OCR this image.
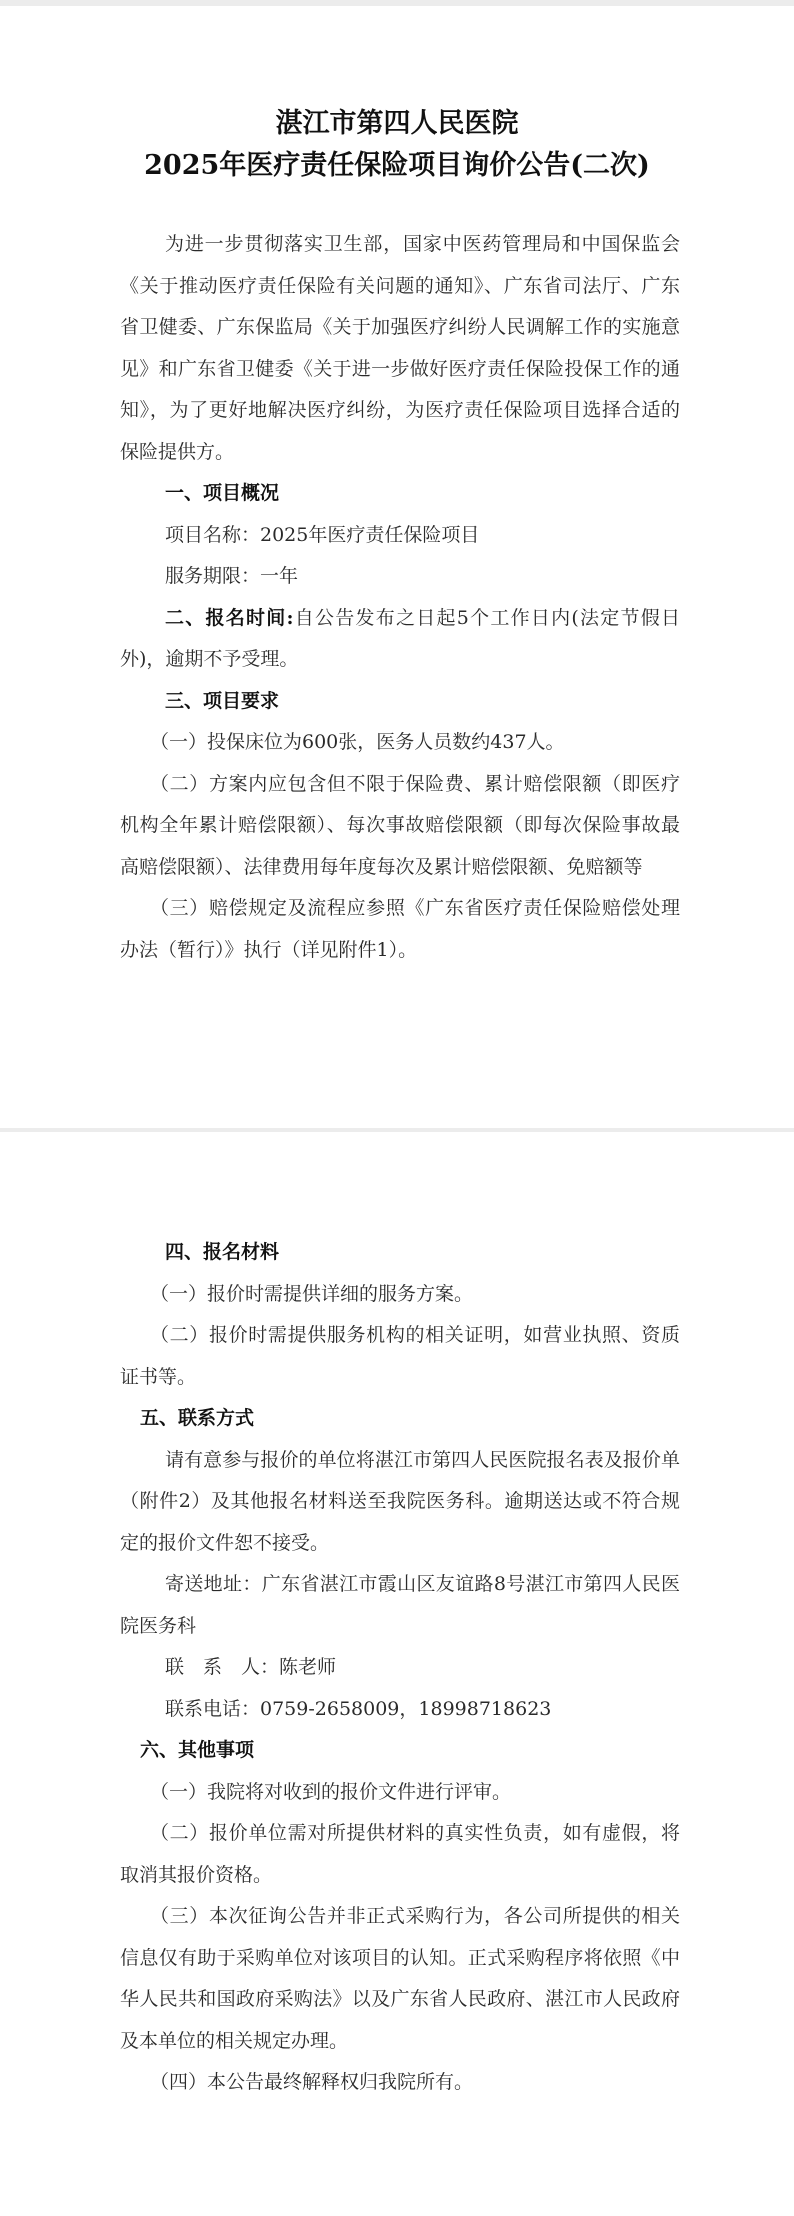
湛江市第四人民医院
2025年医疗责任保险项目询价公告(二次)

为进一步贯彻落实卫生部，国家中医药管理局和中国保监会《关于推动医疗责任保险有关问题的通知》、广东省司法厅、广东省卫健委、广东保监局《关于加强医疗纠纷人民调解工作的实施意见》和广东省卫健委《关于进一步做好医疗责任保险投保工作的通知》，为了更好地解决医疗纠纷，为医疗责任保险项目选择合适的保险提供方。

一、项目概况

项目名称：2025年医疗责任保险项目

服务期限：一年

二、报名时间:自公告发布之日起5个工作日内(法定节假日外)，逾期不予受理。

三、项目要求

（一）投保床位为600张，医务人员数约437人。

（二）方案内应包含但不限于保险费、累计赔偿限额（即医疗机构全年累计赔偿限额）、每次事故赔偿限额（即每次保险事故最高赔偿限额）、法律费用每年度每次及累计赔偿限额、免赔额等

（三）赔偿规定及流程应参照《广东省医疗责任保险赔偿处理办法（暂行）》执行（详见附件1）。

四、报名材料

（一）报价时需提供详细的服务方案。

（二）报价时需提供服务机构的相关证明，如营业执照、资质证书等。

五、联系方式

请有意参与报价的单位将湛江市第四人民医院报名表及报价单（附件2）及其他报名材料送至我院医务科。逾期送达或不符合规定的报价文件恕不接受。

寄送地址：广东省湛江市霞山区友谊路8号湛江市第四人民医院医务科

联　系　人：陈老师

联系电话：0759-2658009，18998718623

六、其他事项

（一）我院将对收到的报价文件进行评审。

（二）报价单位需对所提供材料的真实性负责，如有虚假，将取消其报价资格。

（三）本次征询公告并非正式采购行为，各公司所提供的相关信息仅有助于采购单位对该项目的认知。正式采购程序将依照《中华人民共和国政府采购法》以及广东省人民政府、湛江市人民政府及本单位的相关规定办理。

（四）本公告最终解释权归我院所有。
